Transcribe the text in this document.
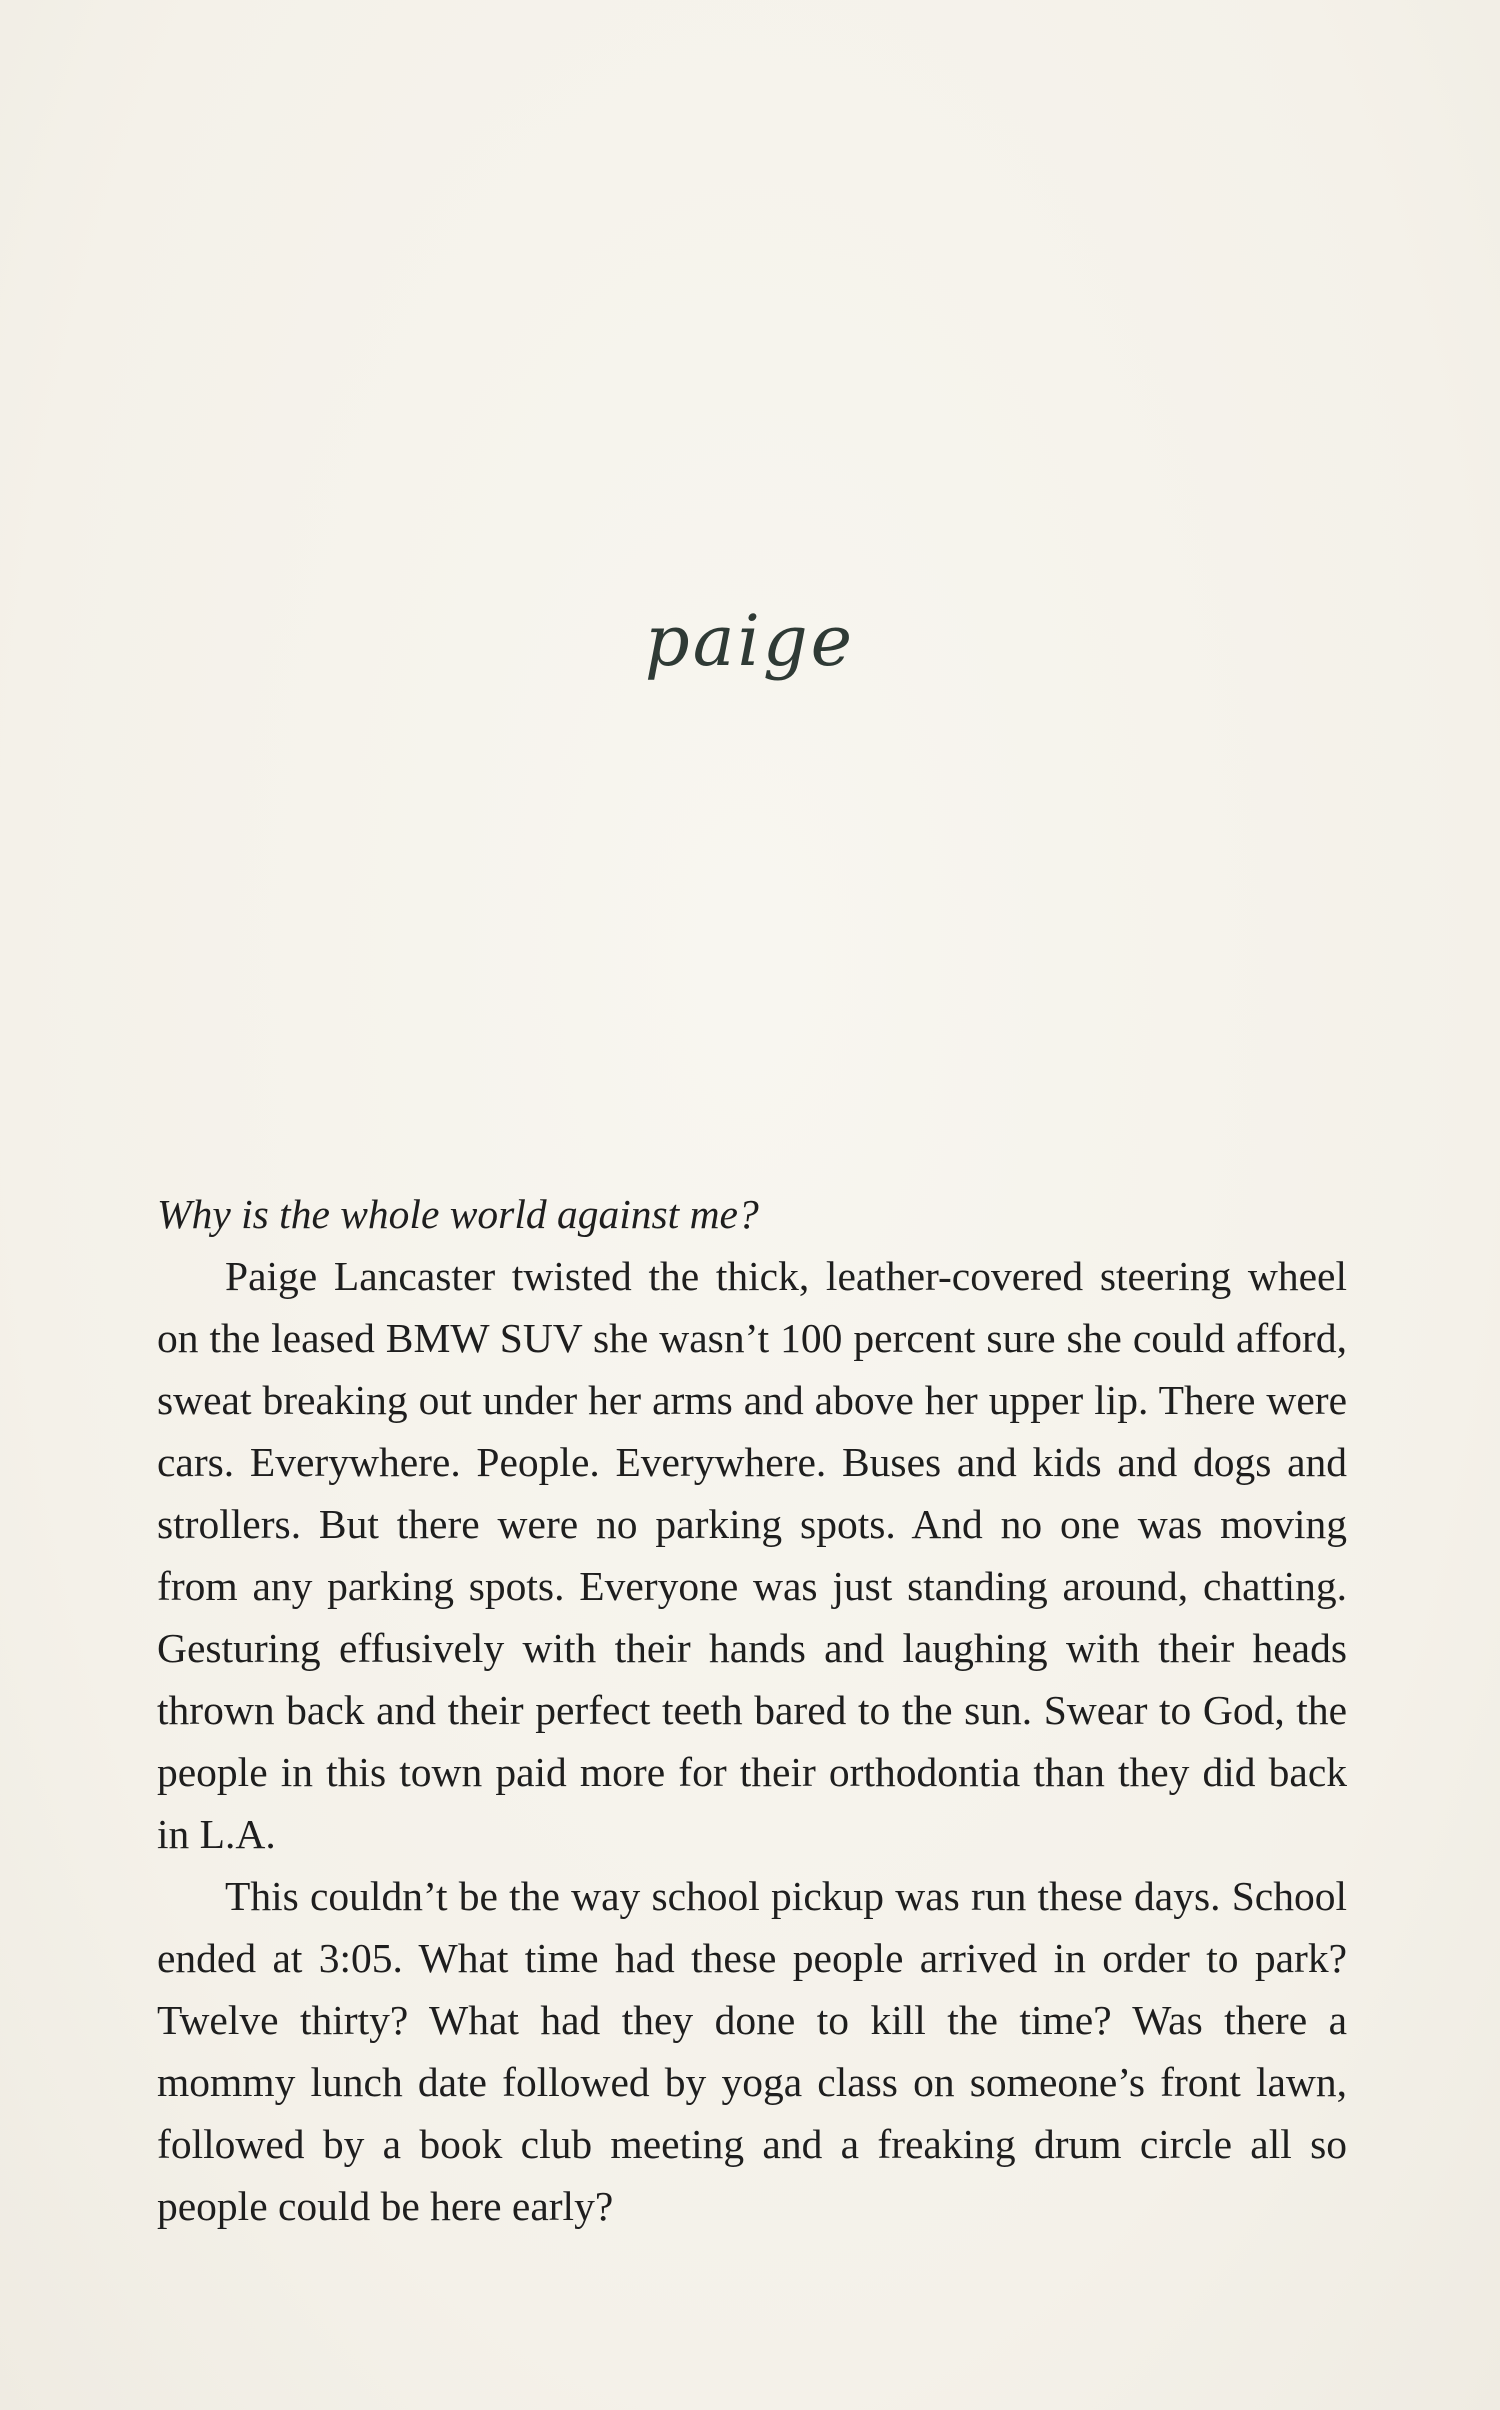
paige

Why is the whole world against me?

Paige Lancaster twisted the thick, leather-covered steering wheel on the leased BMW SUV she wasn’t 100 percent sure she could afford, sweat breaking out under her arms and above her upper lip. There were cars. Everywhere. People. Everywhere. Buses and kids and dogs and strollers. But there were no parking spots. And no one was moving from any parking spots. Everyone was just standing around, chatting. Gesturing effusively with their hands and laughing with their heads thrown back and their perfect teeth bared to the sun. Swear to God, the people in this town paid more for their orthodontia than they did back in L.A.

This couldn’t be the way school pickup was run these days. School ended at 3:05. What time had these people arrived in order to park? Twelve thirty? What had they done to kill the time? Was there a mommy lunch date followed by yoga class on someone’s front lawn, followed by a book club meeting and a freaking drum circle all so people could be here early?
